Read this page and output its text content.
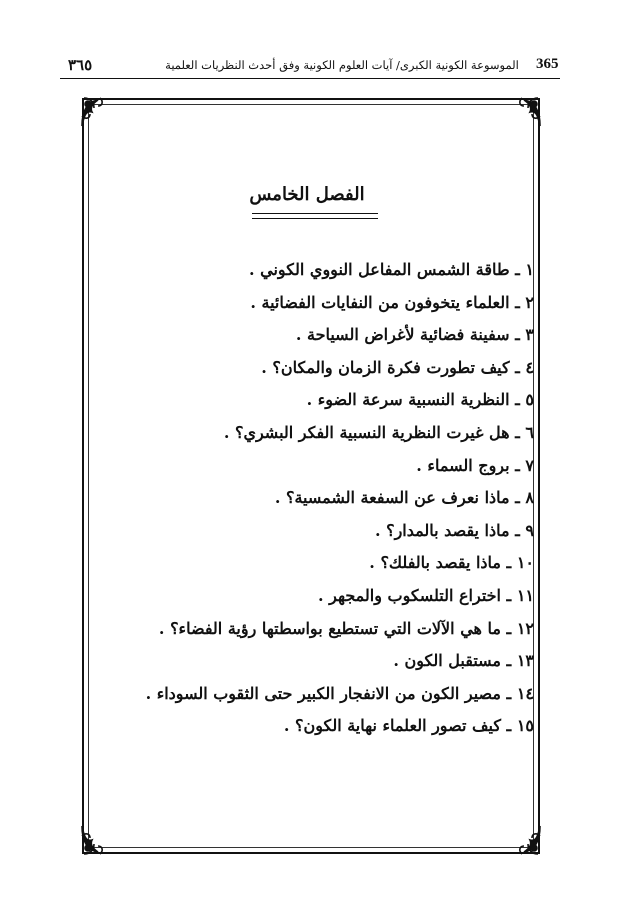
٣٦٥	الموسوعة الكونية الكبرى/ آيات العلوم الكونية وفق أحدث النظريات العلمية	365
الفصل الخامس
١ ـ طاقة الشمس المفاعل النووي الكوني .
٢ ـ العلماء يتخوفون من النفايات الفضائية .
٣ ـ سفينة فضائية لأغراض السياحة .
٤ ـ كيف تطورت فكرة الزمان والمكان؟ .
٥ ـ النظرية النسبية سرعة الضوء .
٦ ـ هل غيرت النظرية النسبية الفكر البشري؟ .
٧ ـ بروج السماء .
٨ ـ ماذا نعرف عن السفعة الشمسية؟ .
٩ ـ ماذا يقصد بالمدار؟ .
١٠ ـ ماذا يقصد بالفلك؟ .
١١ ـ اختراع التلسكوب والمجهر .
١٢ ـ ما هي الآلات التي تستطيع بواسطتها رؤية الفضاء؟ .
١٣ ـ مستقبل الكون .
١٤ ـ مصير الكون من الانفجار الكبير حتى الثقوب السوداء .
١٥ ـ كيف تصور العلماء نهاية الكون؟ .
